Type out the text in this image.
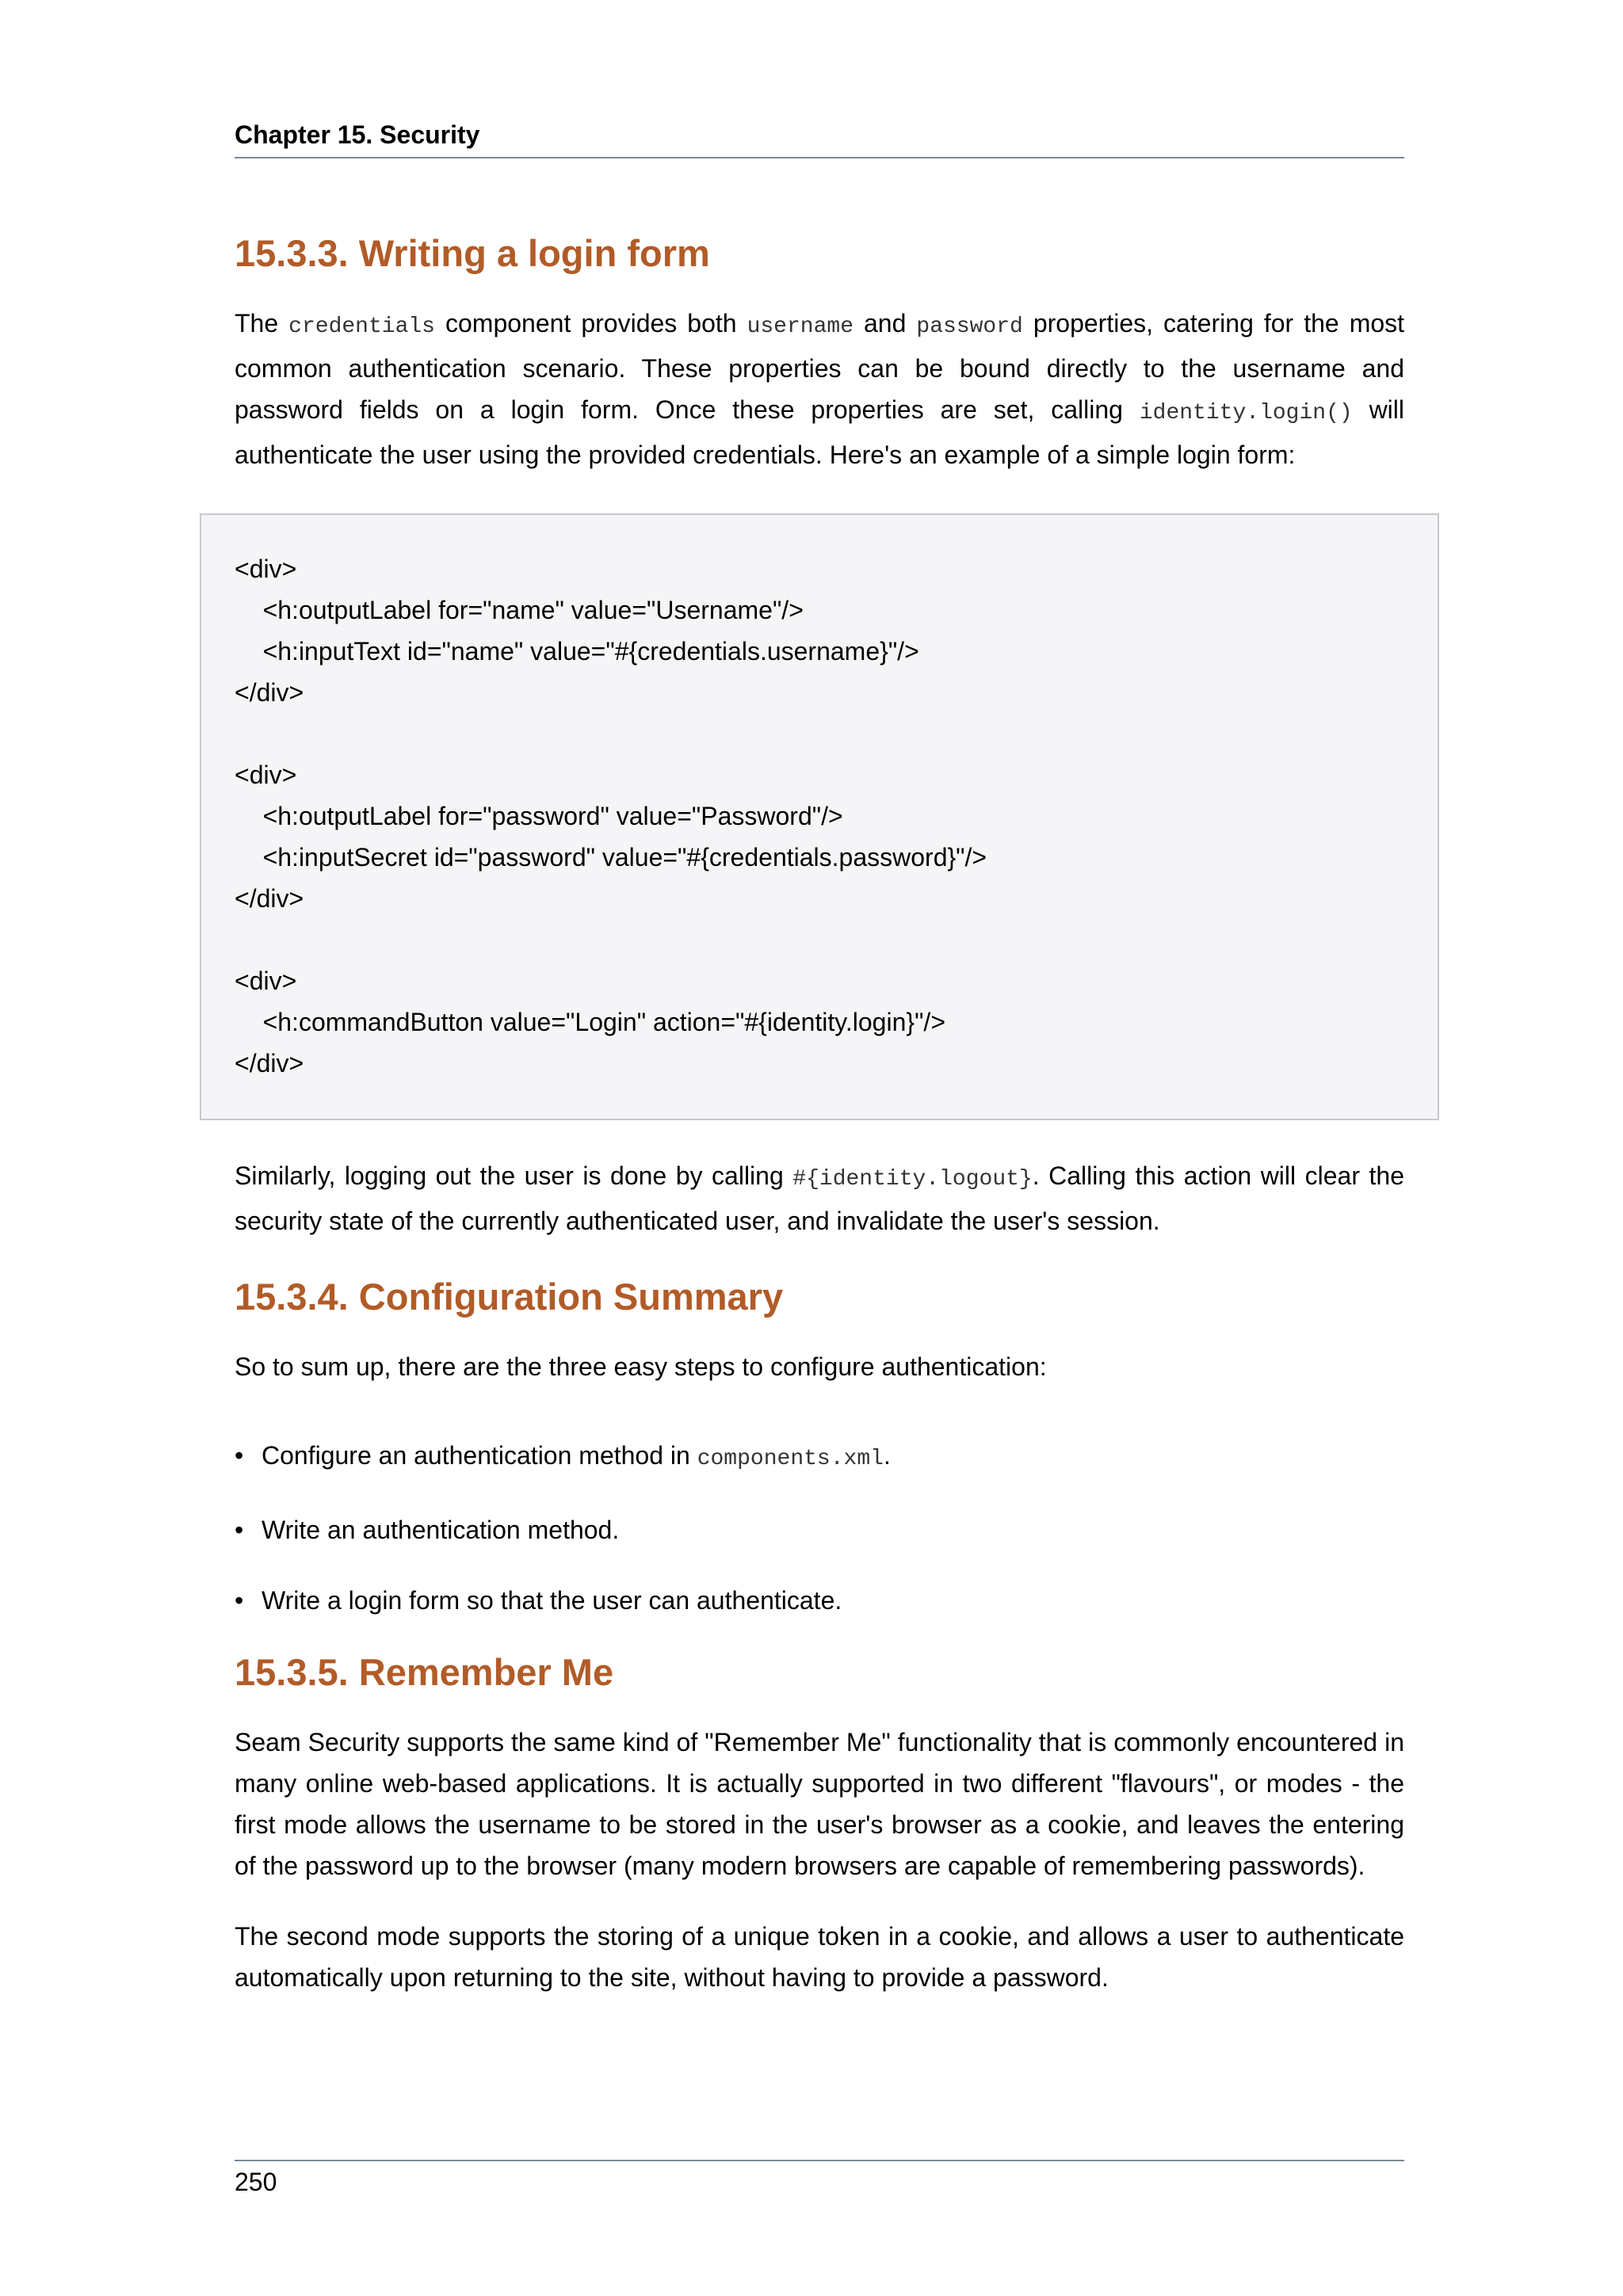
Chapter 15. Security
15.3.3. Writing a login form

The credentials component provides both username and password properties, catering for the most common authentication scenario. These properties can be bound directly to the username and password fields on a login form. Once these properties are set, calling identity.login() will authenticate the user using the provided credentials. Here's an example of a simple login form:

<div>
<h:outputLabel for="name" value="Username"/>
<h:inputText id="name" value="#{credentials.username}"/>
</div>
<div>
<h:outputLabel for="password" value="Password"/>
<h:inputSecret id="password" value="#{credentials.password}"/>
</div>
<div>
<h:commandButton value="Login" action="#{identity.login}"/>
</div>

Similarly, logging out the user is done by calling #{identity.logout}. Calling this action will clear the security state of the currently authenticated user, and invalidate the user's session.

15.3.4. Configuration Summary

So to sum up, there are the three easy steps to configure authentication:

• Configure an authentication method in components.xml.
• Write an authentication method.
• Write a login form so that the user can authenticate.
15.3.5. Remember Me

Seam Security supports the same kind of "Remember Me" functionality that is commonly encountered in many online web-based applications. It is actually supported in two different "flavours", or modes - the first mode allows the username to be stored in the user's browser as a cookie, and leaves the entering of the password up to the browser (many modern browsers are capable of remembering passwords).

The second mode supports the storing of a unique token in a cookie, and allows a user to authenticate automatically upon returning to the site, without having to provide a password.

250
